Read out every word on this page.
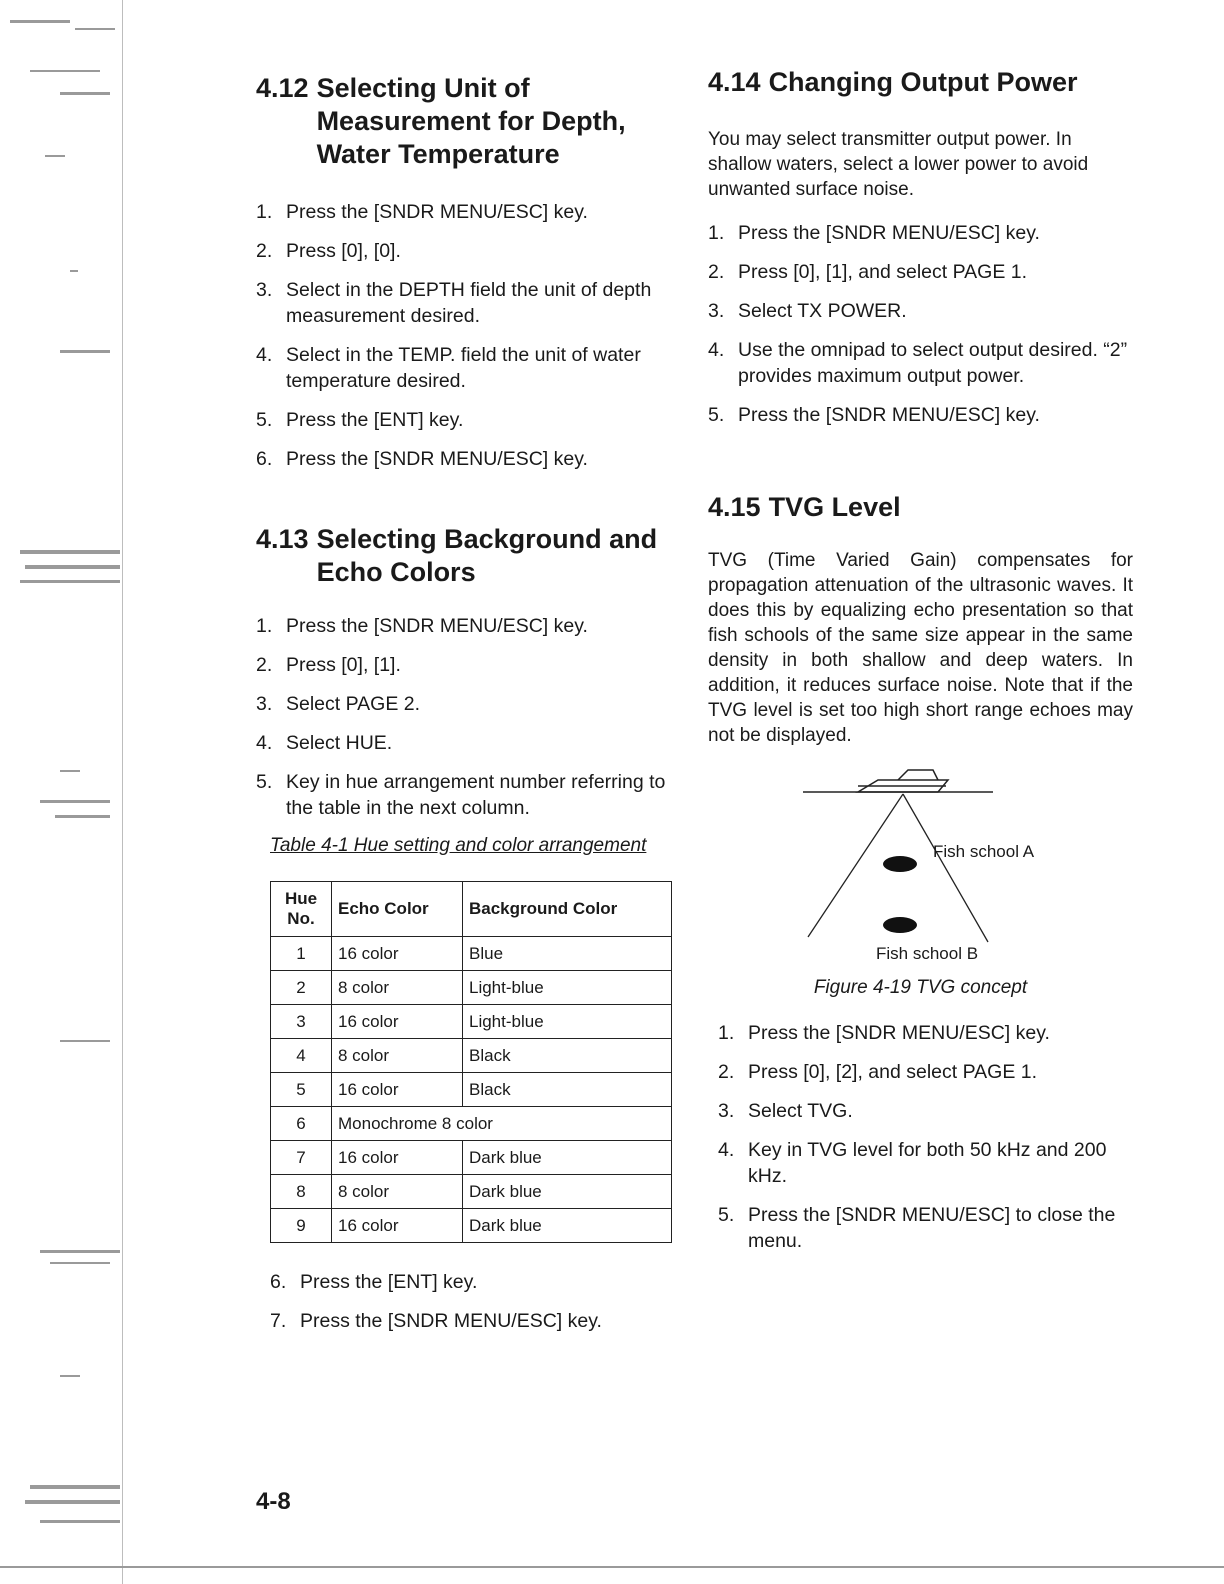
4.12 Selecting Unit of Measurement for Depth, Water Temperature
1. Press the [SNDR MENU/ESC] key.
2. Press [0], [0].
3. Select in the DEPTH field the unit of depth measurement desired.
4. Select in the TEMP. field the unit of water temperature desired.
5. Press the [ENT] key.
6. Press the [SNDR MENU/ESC] key.
4.13 Selecting Background and Echo Colors
1. Press the [SNDR MENU/ESC] key.
2. Press [0], [1].
3. Select PAGE 2.
4. Select HUE.
5. Key in hue arrangement number referring to the table in the next column.
Table 4-1 Hue setting and color arrangement
Hue No.	Echo Color	Background Color
1	16 color	Blue
2	8 color	Light-blue
3	16 color	Light-blue
4	8 color	Black
5	16 color	Black
6	Monochrome 8 color	
7	16 color	Dark blue
8	8 color	Dark blue
9	16 color	Dark blue
6. Press the [ENT] key.
7. Press the [SNDR MENU/ESC] key.
4.14 Changing Output Power

You may select transmitter output power. In shallow waters, select a lower power to avoid unwanted surface noise.

1. Press the [SNDR MENU/ESC] key.
2. Press [0], [1], and select PAGE 1.
3. Select TX POWER.
4. Use the omnipad to select output desired. “2” provides maximum output power.
5. Press the [SNDR MENU/ESC] key.
4.15 TVG Level

TVG (Time Varied Gain) compensates for propagation attenuation of the ultrasonic waves. It does this by equalizing echo presentation so that fish schools of the same size appear in the same density in both shallow and deep waters. In addition, it reduces surface noise. Note that if the TVG level is set too high short range echoes may not be displayed.

Fish school A
Fish school B
Figure 4-19 TVG concept
1. Press the [SNDR MENU/ESC] key.
2. Press [0], [2], and select PAGE 1.
3. Select TVG.
4. Key in TVG level for both 50 kHz and 200 kHz.
5. Press the [SNDR MENU/ESC] to close the menu.
4-8
